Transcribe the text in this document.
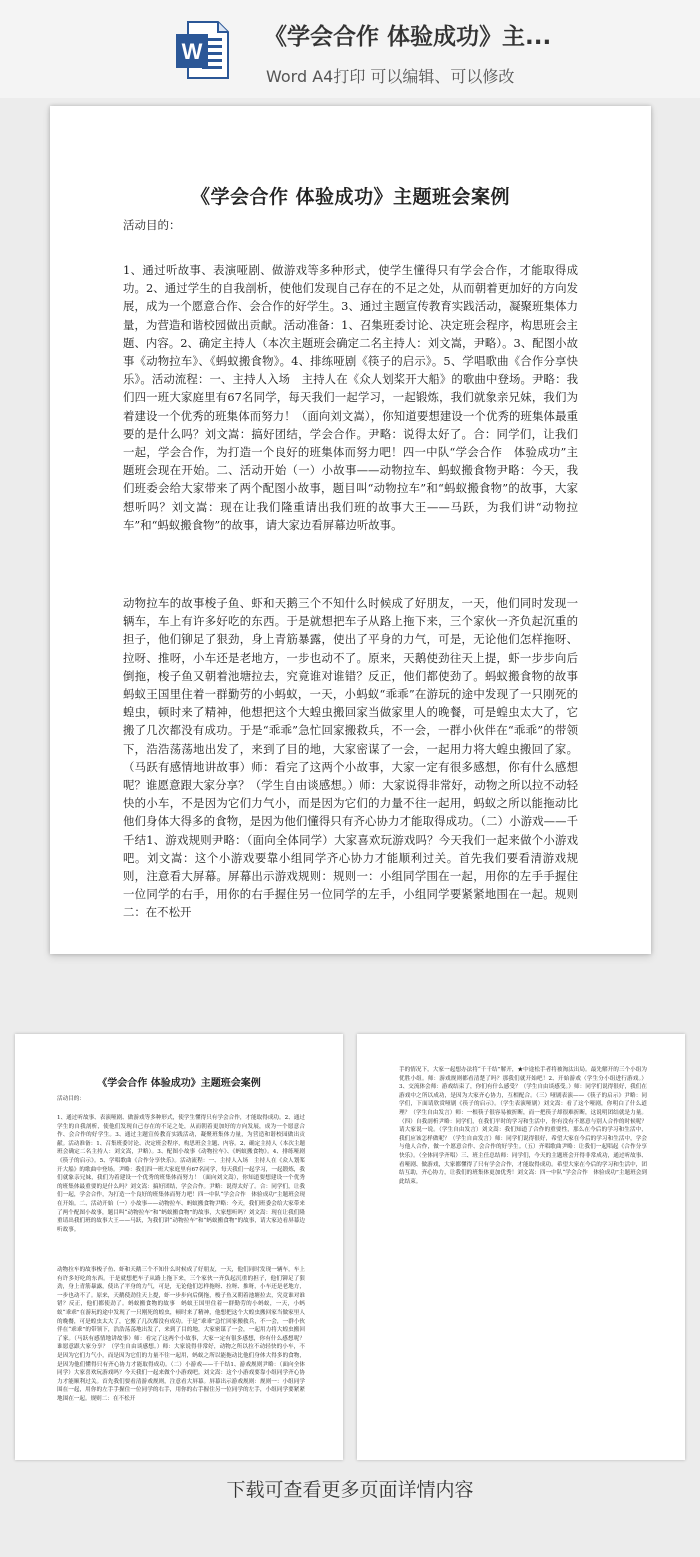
W
《学会合作 体验成功》主...
Word A4打印 可以编辑、可以修改
《学会合作 体验成功》主题班会案例
活动目的：
1、通过听故事、表演哑剧、做游戏等多种形式，使学生懂得只有学会合作，才能取得成功。2、通过学生的自我剖析，使他们发现自己存在的不足之处，从而朝着更加好的方向发展，成为一个愿意合作、会合作的好学生。3、通过主题宣传教育实践活动，凝聚班集体力量，为营造和谐校园做出贡献。活动准备：1、召集班委讨论、决定班会程序，构思班会主题、内容。2、确定主持人（本次主题班会确定二名主持人：刘文嵩，尹略）。3、配图小故事《动物拉车》、《蚂蚁搬食物》。4、排练哑剧《筷子的启示》。5、学唱歌曲《合作分享快乐》。活动流程：一、主持人入场　主持人在《众人划桨开大船》的歌曲中登场。尹略：我们四一班大家庭里有67名同学，每天我们一起学习，一起锻炼，我们就象亲兄妹，我们为着建设一个优秀的班集体而努力！（面向刘文嵩），你知道要想建设一个优秀的班集体最重要的是什么吗？刘文嵩：搞好团结，学会合作。尹略：说得太好了。合：同学们，让我们一起，学会合作，为打造一个良好的班集体而努力吧！四一中队“学会合作　体验成功”主题班会现在开始。二、活动开始（一）小故事——动物拉车、蚂蚁搬食物尹略：今天，我们班委会给大家带来了两个配图小故事，题目叫“动物拉车”和“蚂蚁搬食物”的故事，大家想听吗？刘文嵩：现在让我们隆重请出我们班的故事大王——马跃，为我们讲“动物拉车”和“蚂蚁搬食物”的故事，请大家边看屏幕边听故事。
动物拉车的故事梭子鱼、虾和天鹅三个不知什么时候成了好朋友，一天，他们同时发现一辆车，车上有许多好吃的东西。于是就想把车子从路上拖下来，三个家伙一齐负起沉重的担子，他们铆足了狠劲，身上青筋暴露，使出了平身的力气，可是，无论他们怎样拖呀、拉呀、推呀，小车还是老地方，一步也动不了。原来，天鹅使劲往天上提，虾一步步向后倒拖，梭子鱼又朝着池塘拉去，究竟谁对谁错？反正，他们都使劲了。蚂蚁搬食物的故事　蚂蚁王国里住着一群勤劳的小蚂蚁，一天，小蚂蚁“乖乖”在游玩的途中发现了一只刚死的蝗虫，顿时来了精神，他想把这个大蝗虫搬回家当做家里人的晚餐，可是蝗虫太大了，它搬了几次都没有成功。于是“乖乖”急忙回家搬救兵，不一会，一群小伙伴在“乖乖”的带领下，浩浩荡荡地出发了，来到了目的地，大家密谋了一会，一起用力将大蝗虫搬回了家。（马跃有感情地讲故事）师：看完了这两个小故事，大家一定有很多感想，你有什么感想呢？谁愿意跟大家分享？（学生自由谈感想。）师：大家说得非常好，动物之所以拉不动轻快的小车，不是因为它们力气小，而是因为它们的力量不往一起用，蚂蚁之所以能拖动比他们身体大得多的食物，是因为他们懂得只有齐心协力才能取得成功。（二）小游戏——千千结1、游戏规则尹略：（面向全体同学）大家喜欢玩游戏吗？今天我们一起来做个小游戏吧。刘文嵩：这个小游戏要靠小组同学齐心协力才能顺利过关。首先我们要看清游戏规则，注意看大屏幕。屏幕出示游戏规则：规则一：小组同学围在一起，用你的左手手握住一位同学的右手，用你的右手握住另一位同学的左手，小组同学要紧紧地围在一起。规则二：在不松开
《学会合作 体验成功》主题班会案例
活动目的：
1、通过听故事、表演哑剧、做游戏等多种形式，使学生懂得只有学会合作，才能取得成功。2、通过学生的自我剖析，使他们发现自己存在的不足之处，从而朝着更加好的方向发展，成为一个愿意合作、会合作的好学生。3、通过主题宣传教育实践活动，凝聚班集体力量，为营造和谐校园做出贡献。活动准备：1、召集班委讨论、决定班会程序，构思班会主题、内容。2、确定主持人（本次主题班会确定二名主持人：刘文嵩，尹略）。3、配图小故事《动物拉车》、《蚂蚁搬食物》。4、排练哑剧《筷子的启示》。5、学唱歌曲《合作分享快乐》。活动流程：一、主持人入场　主持人在《众人划桨开大船》的歌曲中登场。尹略：我们四一班大家庭里有67名同学，每天我们一起学习，一起锻炼，我们就象亲兄妹，我们为着建设一个优秀的班集体而努力！（面向刘文嵩），你知道要想建设一个优秀的班集体最重要的是什么吗？刘文嵩：搞好团结，学会合作。尹略：说得太好了。合：同学们，让我们一起，学会合作，为打造一个良好的班集体而努力吧！四一中队“学会合作　体验成功”主题班会现在开始。二、活动开始（一）小故事——动物拉车、蚂蚁搬食物尹略：今天，我们班委会给大家带来了两个配图小故事，题目叫“动物拉车”和“蚂蚁搬食物”的故事，大家想听吗？刘文嵩：现在让我们隆重请出我们班的故事大王——马跃，为我们讲“动物拉车”和“蚂蚁搬食物”的故事，请大家边看屏幕边听故事。
动物拉车的故事梭子鱼、虾和天鹅三个不知什么时候成了好朋友，一天，他们同时发现一辆车，车上有许多好吃的东西。于是就想把车子从路上拖下来，三个家伙一齐负起沉重的担子，他们铆足了狠劲，身上青筋暴露，使出了平身的力气，可是，无论他们怎样拖呀、拉呀、推呀，小车还是老地方，一步也动不了。原来，天鹅使劲往天上提，虾一步步向后倒拖，梭子鱼又朝着池塘拉去，究竟谁对谁错？反正，他们都使劲了。蚂蚁搬食物的故事　蚂蚁王国里住着一群勤劳的小蚂蚁，一天，小蚂蚁“乖乖”在游玩的途中发现了一只刚死的蝗虫，顿时来了精神，他想把这个大蝗虫搬回家当做家里人的晚餐，可是蝗虫太大了，它搬了几次都没有成功。于是“乖乖”急忙回家搬救兵，不一会，一群小伙伴在“乖乖”的带领下，浩浩荡荡地出发了，来到了目的地，大家密谋了一会，一起用力将大蝗虫搬回了家。（马跃有感情地讲故事）师：看完了这两个小故事，大家一定有很多感想，你有什么感想呢？谁愿意跟大家分享？（学生自由谈感想。）师：大家说得非常好，动物之所以拉不动轻快的小车，不是因为它们力气小，而是因为它们的力量不往一起用，蚂蚁之所以能拖动比他们身体大得多的食物，是因为他们懂得只有齐心协力才能取得成功。（二）小游戏——千千结1、游戏规则尹略：（面向全体同学）大家喜欢玩游戏吗？今天我们一起来做个小游戏吧。刘文嵩：这个小游戏要靠小组同学齐心协力才能顺利过关。首先我们要看清游戏规则，注意看大屏幕。屏幕出示游戏规则：规则一：小组同学围在一起，用你的左手手握住一位同学的右手，用你的右手握住另一位同学的左手，小组同学要紧紧地围在一起。规则二：在不松开
手的情况下，大家一起想办法将“千千结”解开，★中途松手者将被淘汰出局。最先解开的三个小组为优胜小组。师：游戏规则都看清楚了吗？那我们就开始吧！2、开始游戏（学生分小组进行游戏。）3、交流体会师：游戏结束了，你们有什么感受？（学生自由谈感受。）师：同学们说得很好，我们在游戏中之所以成功，是因为大家齐心协力，互相配合。（三）哑剧表演——《筷子的启示》尹略：同学们，下面请欣赏哑剧《筷子的启示》。（学生表演哑剧）刘文嵩：看了这个哑剧，你明白了什么道理？（学生自由发言）师：一根筷子很容易被折断，而一把筷子却很难折断，这说明团结就是力量。（四）自我剖析尹略：同学们，在我们平时的学习和生活中，你有没有不愿意与别人合作的时候呢？请大家说一说。（学生自由发言）刘文嵩：我们知道了合作的重要性，那么在今后的学习和生活中，我们应该怎样做呢？（学生自由发言）师：同学们说得很好，希望大家在今后的学习和生活中，学会与他人合作，做一个愿意合作、会合作的好学生。（五）齐唱歌曲尹略：让我们一起唱起《合作分享快乐》。（全体同学齐唱）三、班主任总结师：同学们，今天的主题班会开得非常成功，通过听故事、看哑剧、做游戏，大家都懂得了只有学会合作，才能取得成功。希望大家在今后的学习和生活中，团结互助，齐心协力，让我们的班集体更加优秀！刘文嵩：四一中队“学会合作　体验成功”主题班会到此结束。
下载可查看更多页面详情内容
